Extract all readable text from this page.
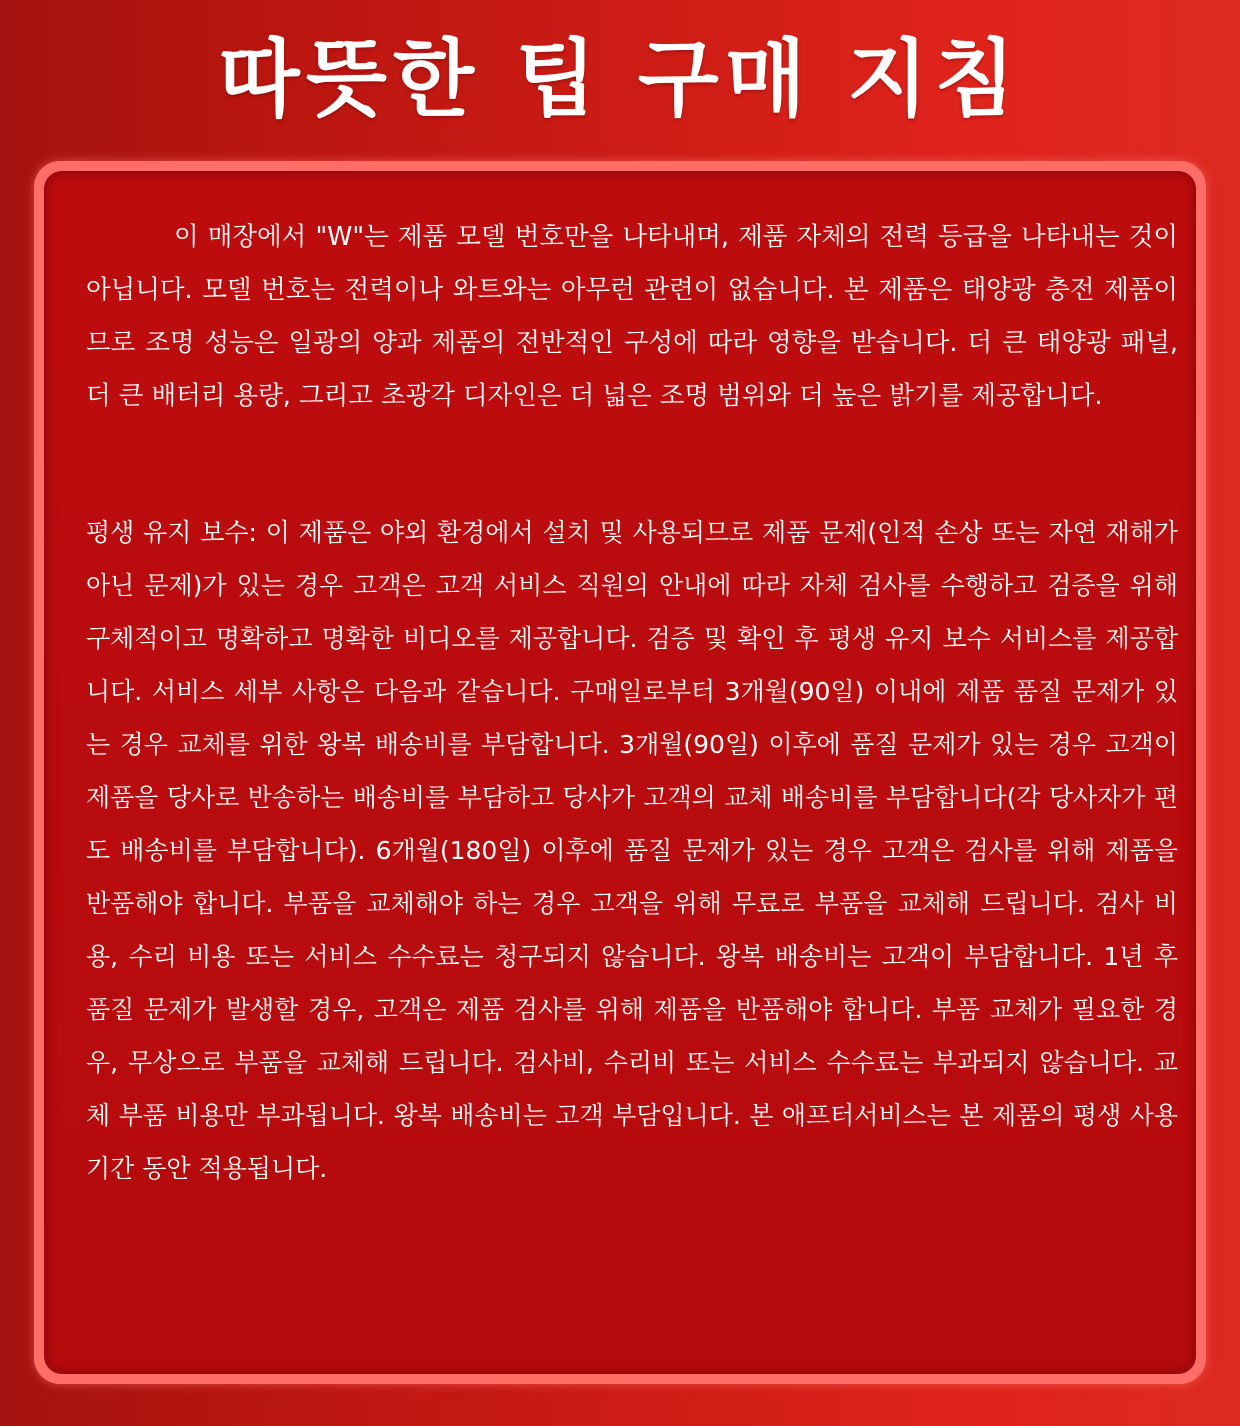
따뜻한 팁 구매 지침

이 매장에서 "W"는 제품 모델 번호만을 나타내며, 제품 자체의 전력 등급을 나타내는 것이 아닙니다. 모델 번호는 전력이나 와트와는 아무런 관련이 없습니다. 본 제품은 태양광 충전 제품이므로 조명 성능은 일광의 양과 제품의 전반적인 구성에 따라 영향을 받습니다. 더 큰 태양광 패널, 더 큰 배터리 용량, 그리고 초광각 디자인은 더 넓은 조명 범위와 더 높은 밝기를 제공합니다.

평생 유지 보수: 이 제품은 야외 환경에서 설치 및 사용되므로 제품 문제(인적 손상 또는 자연 재해가 아닌 문제)가 있는 경우 고객은 고객 서비스 직원의 안내에 따라 자체 검사를 수행하고 검증을 위해 구체적이고 명확하고 명확한 비디오를 제공합니다. 검증 및 확인 후 평생 유지 보수 서비스를 제공합니다. 서비스 세부 사항은 다음과 같습니다. 구매일로부터 3개월(90일) 이내에 제품 품질 문제가 있는 경우 교체를 위한 왕복 배송비를 부담합니다. 3개월(90일) 이후에 품질 문제가 있는 경우 고객이 제품을 당사로 반송하는 배송비를 부담하고 당사가 고객의 교체 배송비를 부담합니다(각 당사자가 편도 배송비를 부담합니다). 6개월(180일) 이후에 품질 문제가 있는 경우 고객은 검사를 위해 제품을 반품해야 합니다. 부품을 교체해야 하는 경우 고객을 위해 무료로 부품을 교체해 드립니다. 검사 비용, 수리 비용 또는 서비스 수수료는 청구되지 않습니다. 왕복 배송비는 고객이 부담합니다. 1년 후 품질 문제가 발생할 경우, 고객은 제품 검사를 위해 제품을 반품해야 합니다. 부품 교체가 필요한 경우, 무상으로 부품을 교체해 드립니다. 검사비, 수리비 또는 서비스 수수료는 부과되지 않습니다. 교체 부품 비용만 부과됩니다. 왕복 배송비는 고객 부담입니다. 본 애프터서비스는 본 제품의 평생 사용 기간 동안 적용됩니다.
